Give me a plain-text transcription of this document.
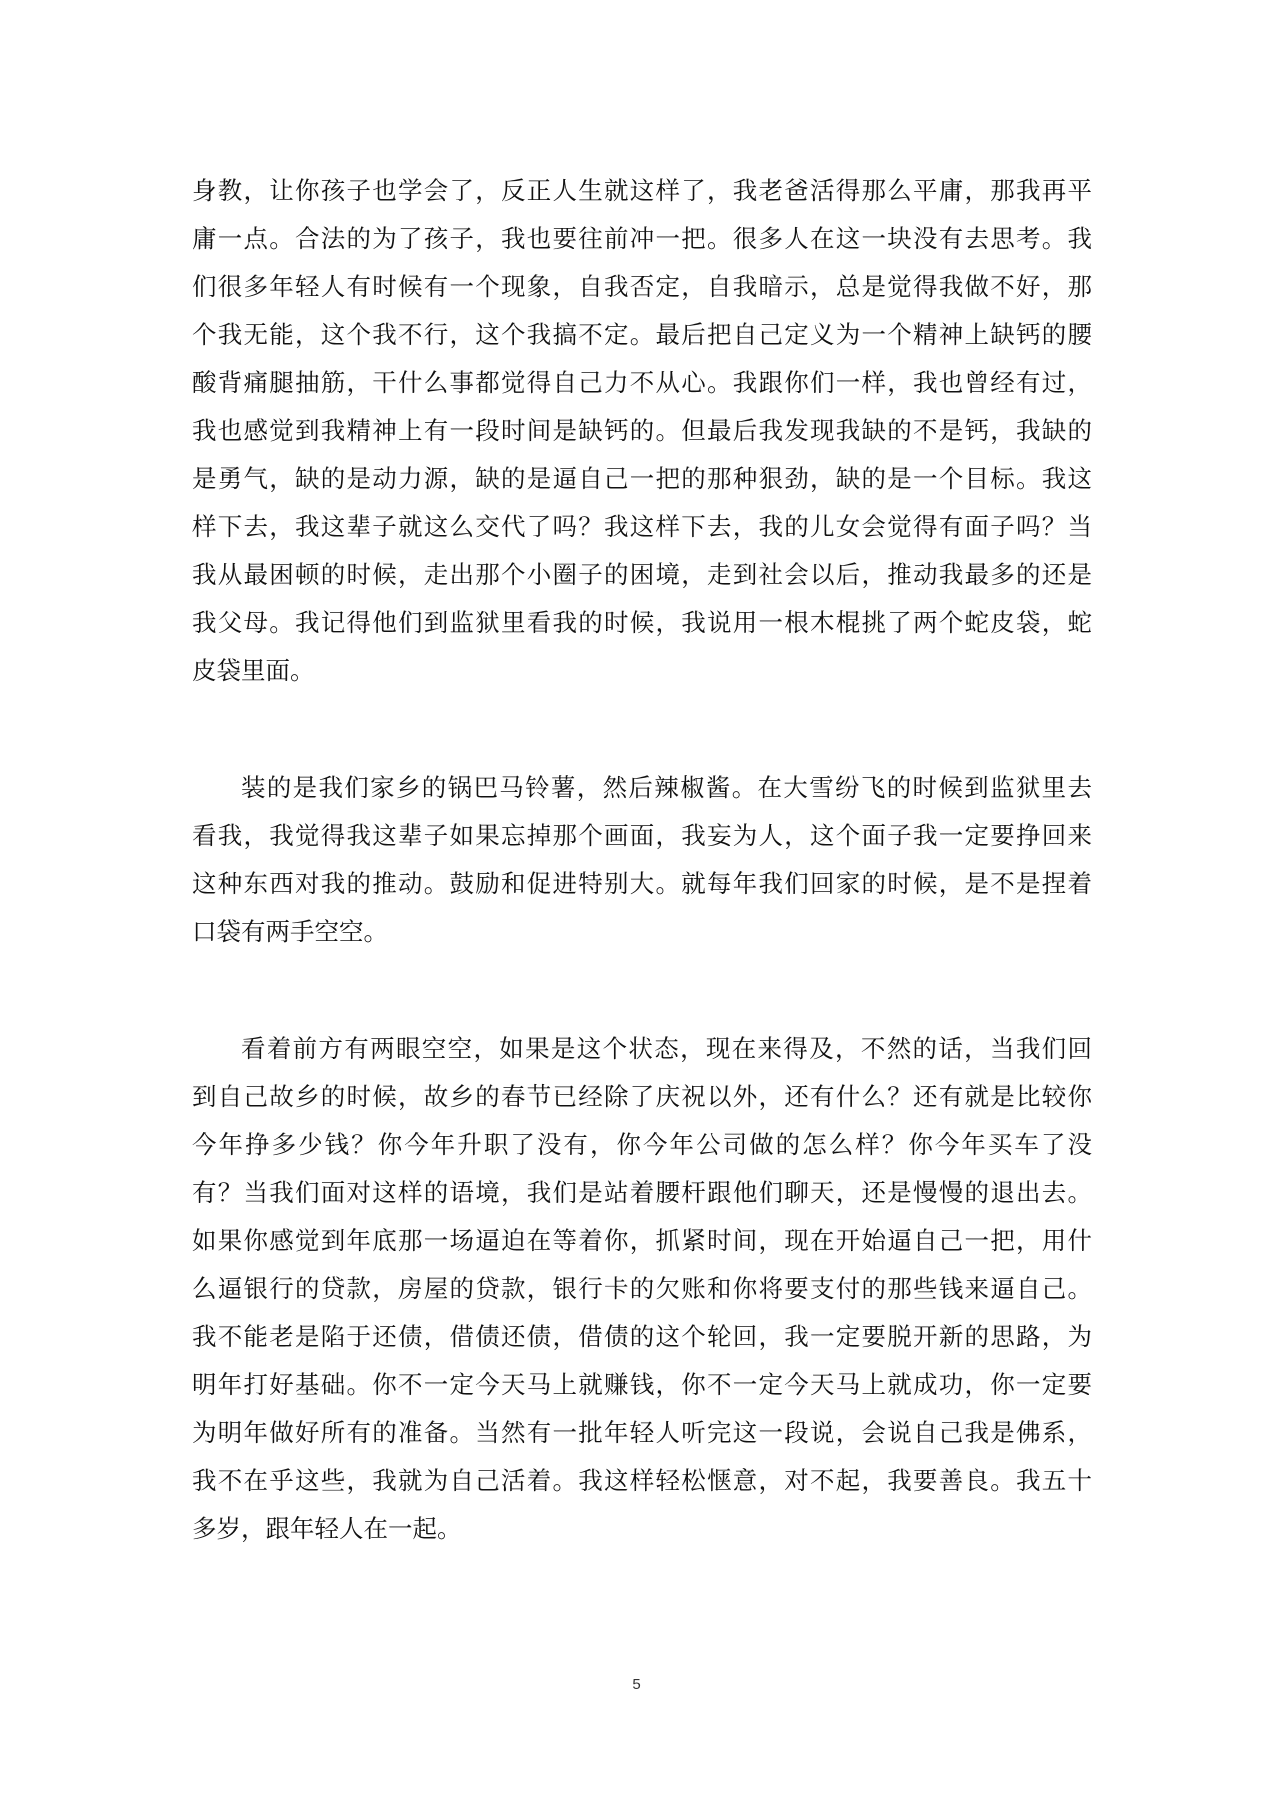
身教，让你孩子也学会了，反正人生就这样了，我老爸活得那么平庸，那我再平

庸一点。合法的为了孩子，我也要往前冲一把。很多人在这一块没有去思考。我

们很多年轻人有时候有一个现象，自我否定，自我暗示，总是觉得我做不好，那

个我无能，这个我不行，这个我搞不定。最后把自己定义为一个精神上缺钙的腰

酸背痛腿抽筋，干什么事都觉得自己力不从心。我跟你们一样，我也曾经有过，

我也感觉到我精神上有一段时间是缺钙的。但最后我发现我缺的不是钙，我缺的

是勇气，缺的是动力源，缺的是逼自己一把的那种狠劲，缺的是一个目标。我这

样下去，我这辈子就这么交代了吗？我这样下去，我的儿女会觉得有面子吗？当

我从最困顿的时候，走出那个小圈子的困境，走到社会以后，推动我最多的还是

我父母。我记得他们到监狱里看我的时候，我说用一根木棍挑了两个蛇皮袋，蛇

皮袋里面。

装的是我们家乡的锅巴马铃薯，然后辣椒酱。在大雪纷飞的时候到监狱里去

看我，我觉得我这辈子如果忘掉那个画面，我妄为人，这个面子我一定要挣回来

这种东西对我的推动。鼓励和促进特别大。就每年我们回家的时候，是不是捏着

口袋有两手空空。

看着前方有两眼空空，如果是这个状态，现在来得及，不然的话，当我们回

到自己故乡的时候，故乡的春节已经除了庆祝以外，还有什么？还有就是比较你

今年挣多少钱？你今年升职了没有，你今年公司做的怎么样？你今年买车了没

有？当我们面对这样的语境，我们是站着腰杆跟他们聊天，还是慢慢的退出去。

如果你感觉到年底那一场逼迫在等着你，抓紧时间，现在开始逼自己一把，用什

么逼银行的贷款，房屋的贷款，银行卡的欠账和你将要支付的那些钱来逼自己。

我不能老是陷于还债，借债还债，借债的这个轮回，我一定要脱开新的思路，为

明年打好基础。你不一定今天马上就赚钱，你不一定今天马上就成功，你一定要

为明年做好所有的准备。当然有一批年轻人听完这一段说，会说自己我是佛系，

我不在乎这些，我就为自己活着。我这样轻松惬意，对不起，我要善良。我五十

多岁，跟年轻人在一起。

5
